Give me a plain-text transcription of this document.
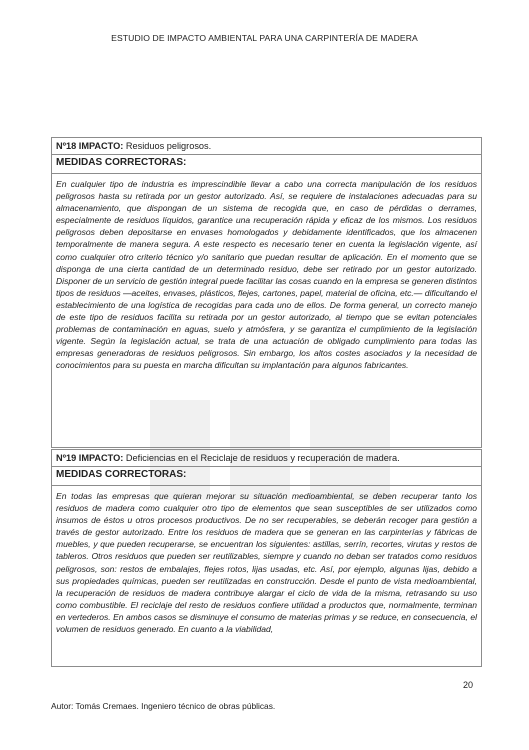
ESTUDIO DE IMPACTO AMBIENTAL PARA UNA CARPINTERÍA DE MADERA
Nº18 IMPACTO: Residuos peligrosos.
MEDIDAS CORRECTORAS:
En cualquier tipo de industria es imprescindible llevar a cabo una correcta manipulación de los residuos peligrosos hasta su retirada por un gestor autorizado. Así, se requiere de instalaciones adecuadas para su almacenamiento, que dispongan de un sistema de recogida que, en caso de pérdidas o derrames, especialmente de residuos líquidos, garantice una recuperación rápida y eficaz de los mismos. Los residuos peligrosos deben depositarse en envases homologados y debidamente identificados, que los almacenen temporalmente de manera segura. A este respecto es necesario tener en cuenta la legislación vigente, así como cualquier otro criterio técnico y/o sanitario que puedan resultar de aplicación. En el momento que se disponga de una cierta cantidad de un determinado residuo, debe ser retirado por un gestor autorizado. Disponer de un servicio de gestión integral puede facilitar las cosas cuando en la empresa se generen distintos tipos de residuos —aceites, envases, plásticos, flejes, cartones, papel, material de oficina, etc.— dificultando el establecimiento de una logística de recogidas para cada uno de ellos. De forma general, un correcto manejo de este tipo de residuos facilita su retirada por un gestor autorizado, al tiempo que se evitan potenciales problemas de contaminación en aguas, suelo y atmósfera, y se garantiza el cumplimiento de la legislación vigente. Según la legislación actual, se trata de una actuación de obligado cumplimiento para todas las empresas generadoras de residuos peligrosos. Sin embargo, los altos costes asociados y la necesidad de conocimientos para su puesta en marcha dificultan su implantación para algunos fabricantes.
Nº19 IMPACTO: Deficiencias en el Reciclaje de residuos y recuperación de madera.
MEDIDAS CORRECTORAS:
En todas las empresas que quieran mejorar su situación medioambiental, se deben recuperar tanto los residuos de madera como cualquier otro tipo de elementos que sean susceptibles de ser utilizados como insumos de éstos u otros procesos productivos. De no ser recuperables, se deberán recoger para gestión a través de gestor autorizado. Entre los residuos de madera que se generan en las carpinterías y fábricas de muebles, y que pueden recuperarse, se encuentran los siguientes: astillas, serrín, recortes, virutas y restos de tableros. Otros residuos que pueden ser reutilizables, siempre y cuando no deban ser tratados como residuos peligrosos, son: restos de embalajes, flejes rotos, lijas usadas, etc. Así, por ejemplo, algunas lijas, debido a sus propiedades químicas, pueden ser reutilizadas en construcción. Desde el punto de vista medioambiental, la recuperación de residuos de madera contribuye alargar el ciclo de vida de la misma, retrasando su uso como combustible. El reciclaje del resto de residuos confiere utilidad a productos que, normalmente, terminan en vertederos. En ambos casos se disminuye el consumo de materias primas y se reduce, en consecuencia, el volumen de residuos generado. En cuanto a la viabilidad,
20
Autor: Tomás Cremaes. Ingeniero técnico de obras públicas.
